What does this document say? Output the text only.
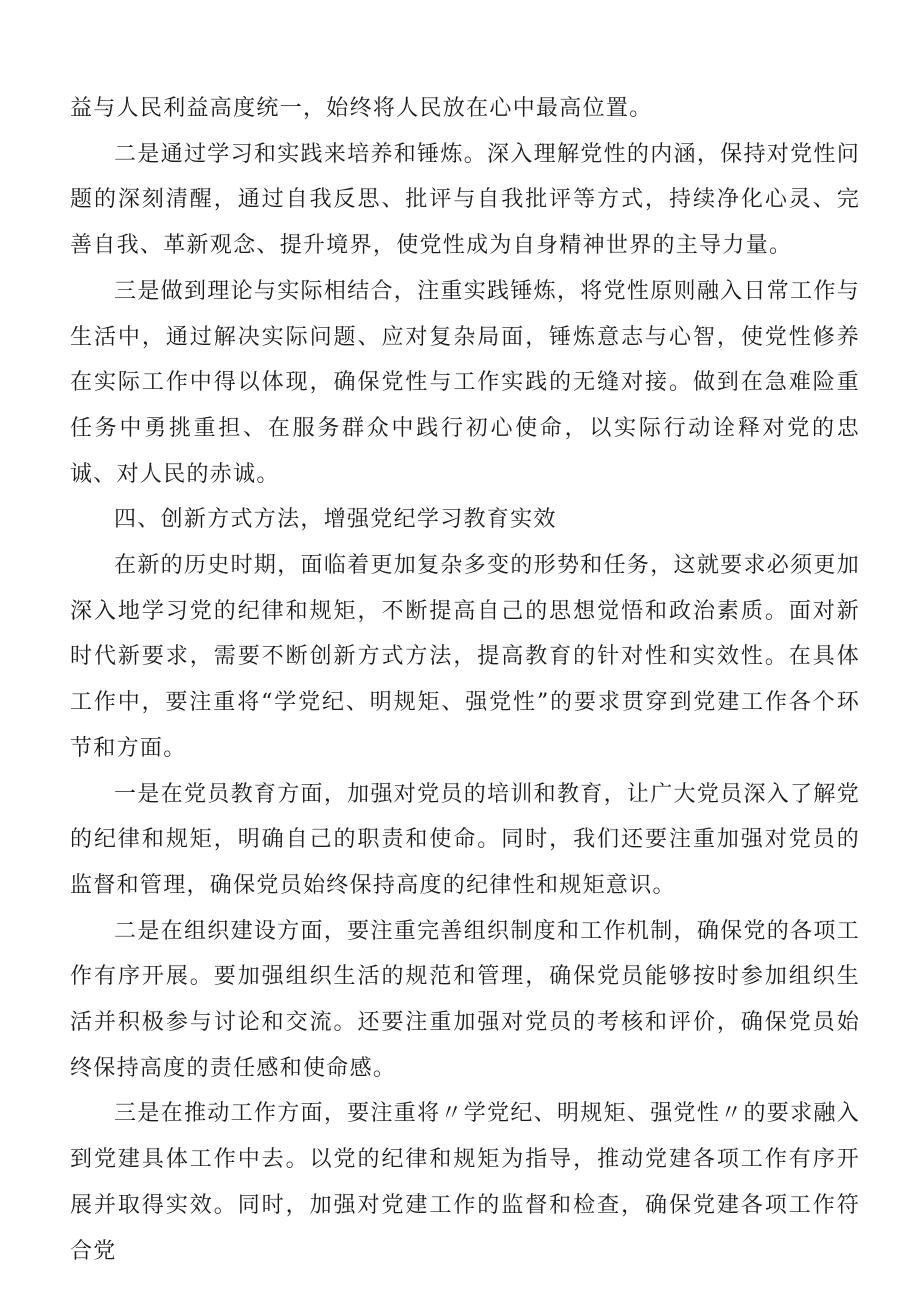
益与人民利益高度统一，始终将人民放在心中最高位置。

二是通过学习和实践来培养和锤炼。深入理解党性的内涵，保持对党性问题的深刻清醒，通过自我反思、批评与自我批评等方式，持续净化心灵、完善自我、革新观念、提升境界，使党性成为自身精神世界的主导力量。

三是做到理论与实际相结合，注重实践锤炼，将党性原则融入日常工作与生活中，通过解决实际问题、应对复杂局面，锤炼意志与心智，使党性修养在实际工作中得以体现，确保党性与工作实践的无缝对接。做到在急难险重任务中勇挑重担、在服务群众中践行初心使命，以实际行动诠释对党的忠诚、对人民的赤诚。

四、创新方式方法，增强党纪学习教育实效

在新的历史时期，面临着更加复杂多变的形势和任务，这就要求必须更加深入地学习党的纪律和规矩，不断提高自己的思想觉悟和政治素质。面对新时代新要求，需要不断创新方式方法，提高教育的针对性和实效性。在具体工作中，要注重将“学党纪、明规矩、强党性”的要求贯穿到党建工作各个环节和方面。

一是在党员教育方面，加强对党员的培训和教育，让广大党员深入了解党的纪律和规矩，明确自己的职责和使命。同时，我们还要注重加强对党员的监督和管理，确保党员始终保持高度的纪律性和规矩意识。

二是在组织建设方面，要注重完善组织制度和工作机制，确保党的各项工作有序开展。要加强组织生活的规范和管理，确保党员能够按时参加组织生活并积极参与讨论和交流。还要注重加强对党员的考核和评价，确保党员始终保持高度的责任感和使命感。

三是在推动工作方面，要注重将〃学党纪、明规矩、强党性〃的要求融入到党建具体工作中去。以党的纪律和规矩为指导，推动党建各项工作有序开展并取得实效。同时，加强对党建工作的监督和检查，确保党建各项工作符合党
